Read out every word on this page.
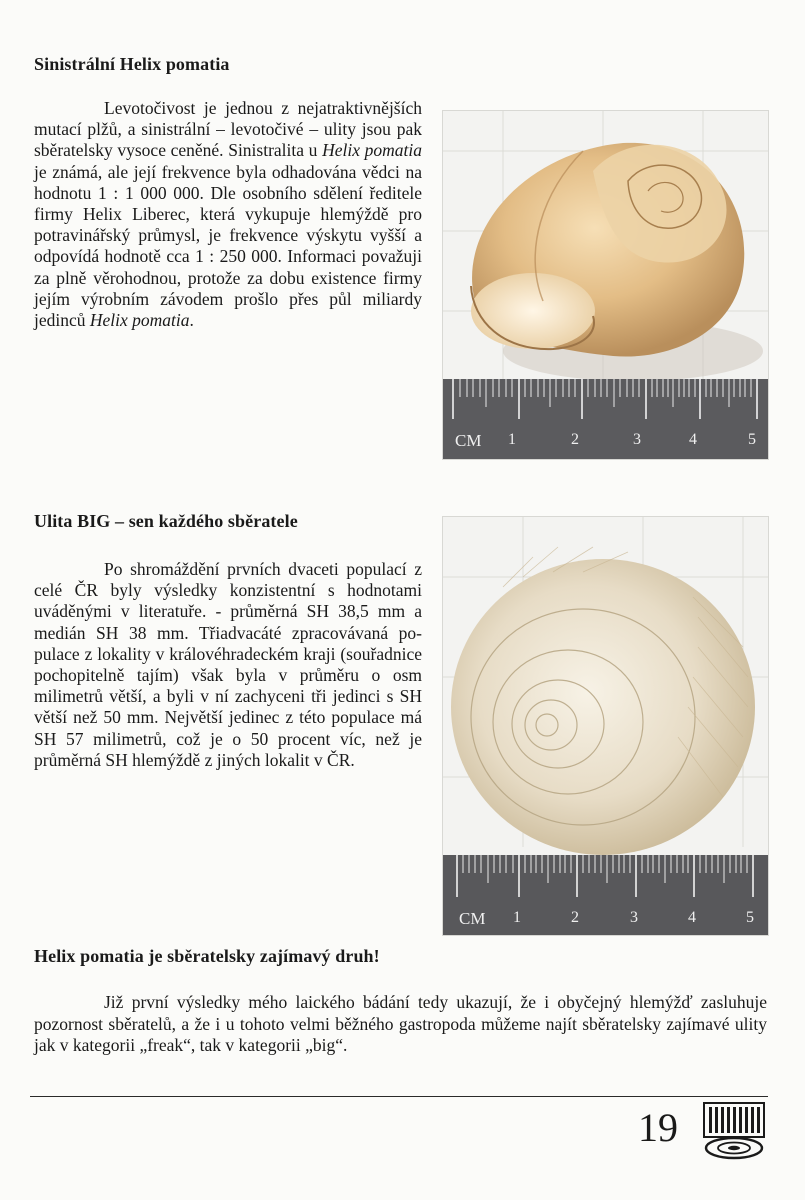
Sinistrální Helix pomatia

Levotočivost je jednou z nejatraktivnějších mutací plžů, a sinistrální – levotočivé – ulity jsou pak sběratelsky vysoce ceněné. Sinistralita u Helix pomatia je známá, ale její frekvence byla odhadována vědci na hodnotu 1 : 1 000 000. Dle osobního sdělení ředitele firmy Helix Liberec, která vykupuje hlemýždě pro potravinářský průmysl, je frekvence výskytu vyšší a odpovídá hodnotě cca 1 : 250 000. Informaci považuji za plně věrohodnou, protože za dobu existence firmy jejím výrobním závodem prošlo přes půl miliardy jedinců Helix pomatia.

CM 1	2	3	4	5
Ulita BIG – sen každého sběratele

Po shromáždění prvních dvaceti populací z celé ČR byly výsledky konzistentní s hodnotami uváděnými v literatuře. - průměrná SH 38,5 mm a medián SH 38 mm. Třiadvacáté zpracovávaná populace z lokality v královéhradeckém kraji (souřadnice pochopitelně tajím) však byla v průměru o osm milimetrů větší, a byli v ní zachyceni tři jedinci s SH větší než 50 mm. Největší jedinec z této populace má SH 57 milimetrů, což je o 50 procent víc, než je průměrná SH hlemýždě z jiných lokalit v ČR.

CM 1	2	3	4	5
Helix pomatia je sběratelsky zajímavý druh!

Již první výsledky mého laického bádání tedy ukazují, že i obyčejný hlemýžď zasluhuje pozornost sběratelů, a že i u tohoto velmi běžného gastropoda můžeme najít sběratelsky zajímavé ulity jak v kategorii „freak“, tak v kategorii „big“.

19
